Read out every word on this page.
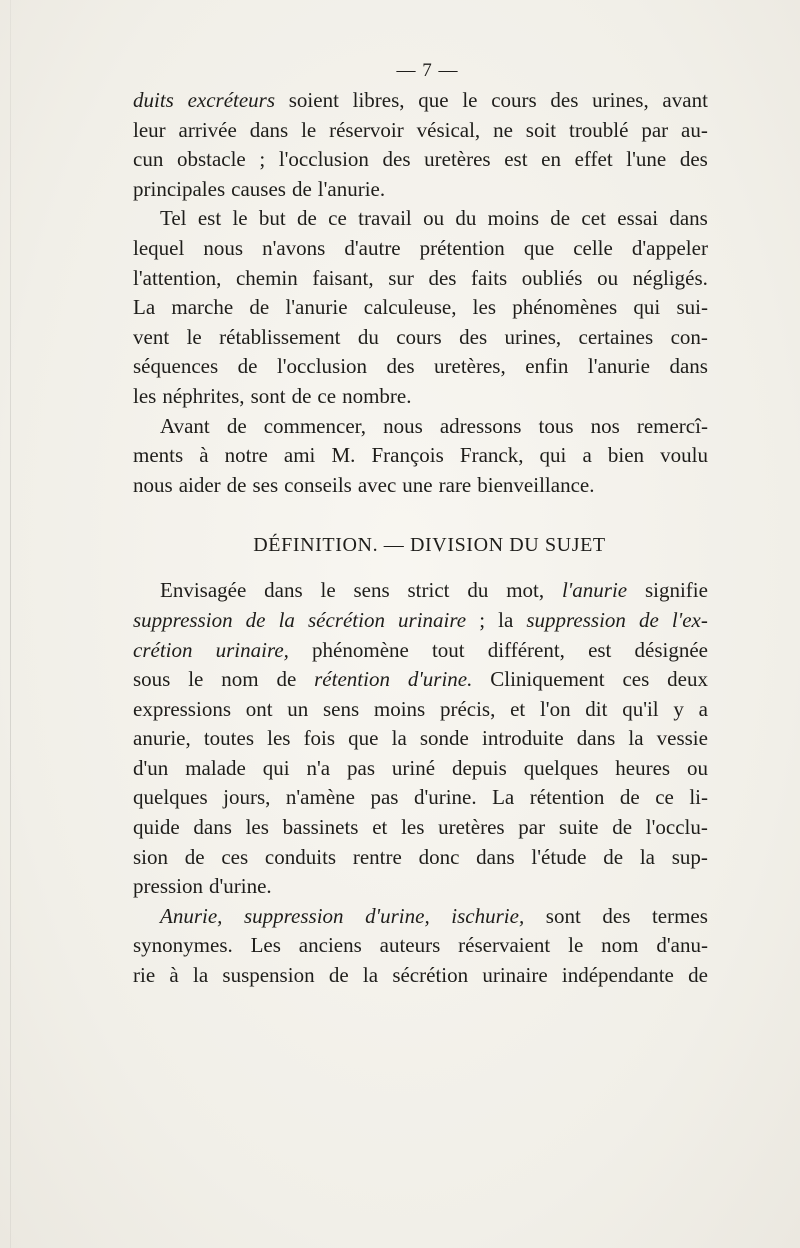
— 7 —
duits excréteurs soient libres, que le cours des urines, avant
leur arrivée dans le réservoir vésical, ne soit troublé par au-
cun obstacle ; l'occlusion des uretères est en effet l'une des
principales causes de l'anurie.
Tel est le but de ce travail ou du moins de cet essai dans
lequel nous n'avons d'autre prétention que celle d'appeler
l'attention, chemin faisant, sur des faits oubliés ou négligés.
La marche de l'anurie calculeuse, les phénomènes qui sui-
vent le rétablissement du cours des urines, certaines con-
séquences de l'occlusion des uretères, enfin l'anurie dans
les néphrites, sont de ce nombre.
Avant de commencer, nous adressons tous nos remercî-
ments à notre ami M. François Franck, qui a bien voulu
nous aider de ses conseils avec une rare bienveillance.
DÉFINITION. — DIVISION DU SUJET
Envisagée dans le sens strict du mot, l'anurie signifie
suppression de la sécrétion urinaire ; la suppression de l'ex-
crétion urinaire, phénomène tout différent, est désignée
sous le nom de rétention d'urine. Cliniquement ces deux
expressions ont un sens moins précis, et l'on dit qu'il y a
anurie, toutes les fois que la sonde introduite dans la vessie
d'un malade qui n'a pas uriné depuis quelques heures ou
quelques jours, n'amène pas d'urine. La rétention de ce li-
quide dans les bassinets et les uretères par suite de l'occlu-
sion de ces conduits rentre donc dans l'étude de la sup-
pression d'urine.
Anurie, suppression d'urine, ischurie, sont des termes
synonymes. Les anciens auteurs réservaient le nom d'anu-
rie à la suspension de la sécrétion urinaire indépendante de
